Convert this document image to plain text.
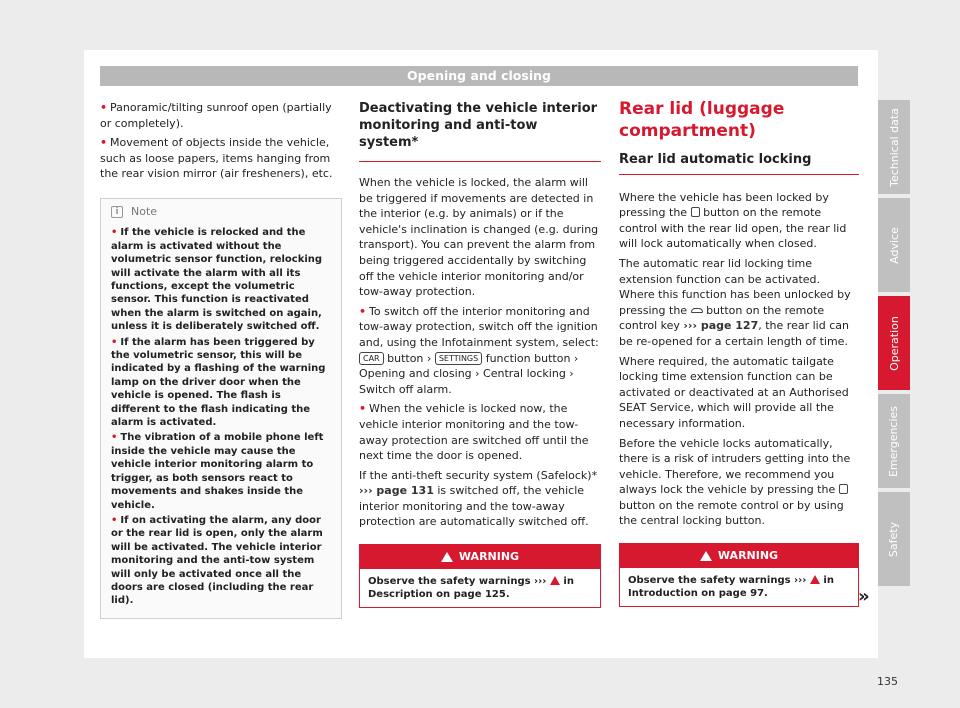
Opening and closing

• Panoramic/tilting sunroof open (partially or completely).

• Movement of objects inside the vehicle, such as loose papers, items hanging from the rear vision mirror (air fresheners), etc.

i	Note

• If the vehicle is relocked and the alarm is activated without the volumetric sensor function, relocking will activate the alarm with all its functions, except the volumetric sensor. This function is reactivated when the alarm is switched on again, unless it is deliberately switched off.

• If the alarm has been triggered by the volumetric sensor, this will be indicated by a flashing of the warning lamp on the driver door when the vehicle is opened. The flash is different to the flash indicating the alarm is activated.

• The vibration of a mobile phone left inside the vehicle may cause the vehicle interior monitoring alarm to trigger, as both sensors react to movements and shakes inside the vehicle.

• If on activating the alarm, any door or the rear lid is open, only the alarm will be activated. The vehicle interior monitoring and the anti-tow system will only be activated once all the doors are closed (including the rear lid).

Deactivating the vehicle interior monitoring and anti-tow system*

When the vehicle is locked, the alarm will be triggered if movements are detected in the interior (e.g. by animals) or if the vehicle's inclination is changed (e.g. during transport). You can prevent the alarm from being triggered accidentally by switching off the vehicle interior monitoring and/or tow-away protection.

• To switch off the interior monitoring and tow-away protection, switch off the ignition and, using the Infotainment system, select: CAR button › SETTINGS function button › Opening and closing › Central locking › Switch off alarm.

• When the vehicle is locked now, the vehicle interior monitoring and the tow-away protection are switched off until the next time the door is opened.

If the anti-theft security system (Safelock)* ››› page 131 is switched off, the vehicle interior monitoring and the tow-away protection are automatically switched off.

WARNING
Observe the safety warnings ››› in Description on page 125.
Rear lid (luggage compartment)
Rear lid automatic locking

Where the vehicle has been locked by pressing the button on the remote control with the rear lid open, the rear lid will lock automatically when closed.

The automatic rear lid locking time extension function can be activated. Where this function has been unlocked by pressing the button on the remote control key ››› page 127, the rear lid can be re-opened for a certain length of time.

Where required, the automatic tailgate locking time extension function can be activated or deactivated at an Authorised SEAT Service, which will provide all the necessary information.

Before the vehicle locks automatically, there is a risk of intruders getting into the vehicle. Therefore, we recommend you always lock the vehicle by pressing the  button on the remote control or by using the central locking button.

WARNING
Observe the safety warnings ››› in Introduction on page 97.	»
Technical data
Advice
Operation
Emergencies
Safety
135
